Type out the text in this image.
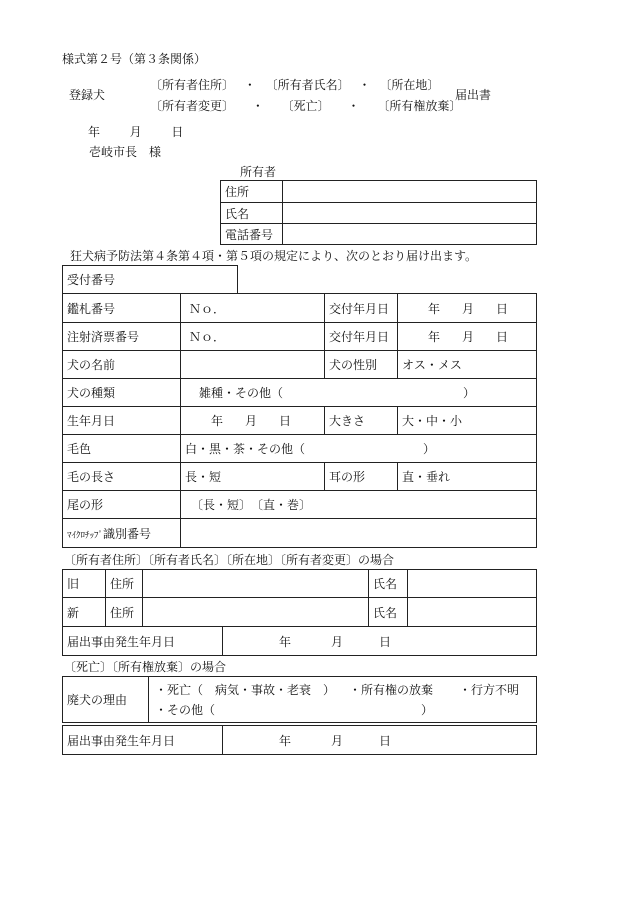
様式第２号（第３条関係）
登録犬
〔所有者住所〕 ・ 〔所有者氏名〕 ・ 〔所在地〕
〔所有者変更〕 ・ 〔死亡〕 ・ 〔所有権放棄〕
届出書
年 月 日
壱岐市長　様
所有者
住所	
氏名	
電話番号	
狂犬病予防法第４条第４項・第５項の規定により、次のとおり届け出ます。
受付番号
鑑札番号	Ｎｏ．	交付年月日	年 月 日
注射済票番号	Ｎｏ．	交付年月日	年 月 日
犬の名前		犬の性別	オス・メス
犬の種類	雑種・その他（ ）		
生年月日	年 月 日	大きさ	大・中・小
毛色	白・黒・茶・その他（ ）		
毛の長さ	長・短	耳の形	直・垂れ
尾の形	〔長・短〕　〔直・巻〕		
ﾏｲｸﾛﾁｯﾌﾟ識別番号			
〔所有者住所〕〔所有者氏名〕〔所在地〕〔所有者変更〕の場合
旧	住所		氏名	
新	住所		氏名	
届出事由発生年月日	年	月	日
〔死亡〕〔所有権放棄〕の場合
廃犬の理由	
・死亡（　病気・事故・老衰　） ・所有権の放棄 ・行方不明
・その他（	）
届出事由発生年月日	年	月	日
